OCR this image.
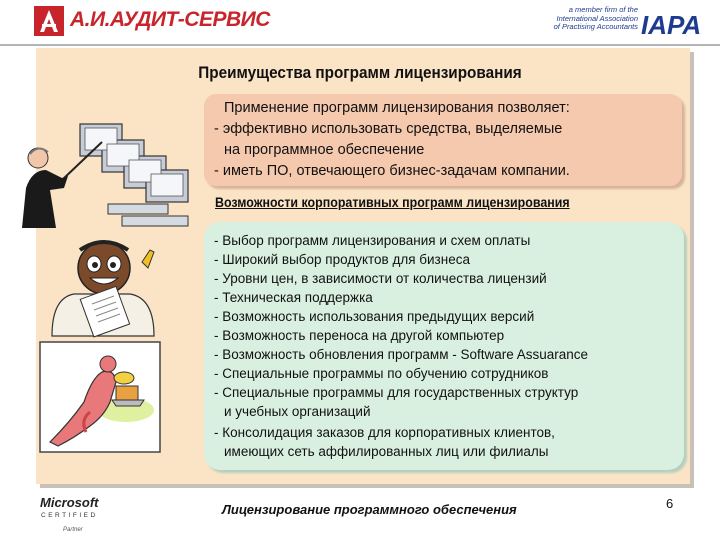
А.И.АУДИТ-СЕРВИС	a member firm of the
International Association
of Practising Accountants IAPA
Преимущества программ лицензирования
Применение программ лицензирования позволяет:
- эффективно использовать средства, выделяемые
на программное обеспечение
- иметь ПО, отвечающего бизнес-задачам компании.
Возможности корпоративных программ лицензирования
- Выбор программ лицензирования и схем оплаты
- Широкий выбор продуктов для бизнеса
- Уровни цен, в зависимости от количества лицензий
- Техническая поддержка
- Возможность использования предыдущих версий
- Возможность переноса на другой компьютер
- Возможность обновления программ - Software Assuarance
- Специальные программы по обучению сотрудников
- Специальные программы для государственных структур
и учебных организаций
- Консолидация заказов для корпоративных клиентов,
имеющих сеть аффилированных лиц или филиалы
Microsoft
CERTIFIED
Partner
Лицензирование программного обеспечения	6
